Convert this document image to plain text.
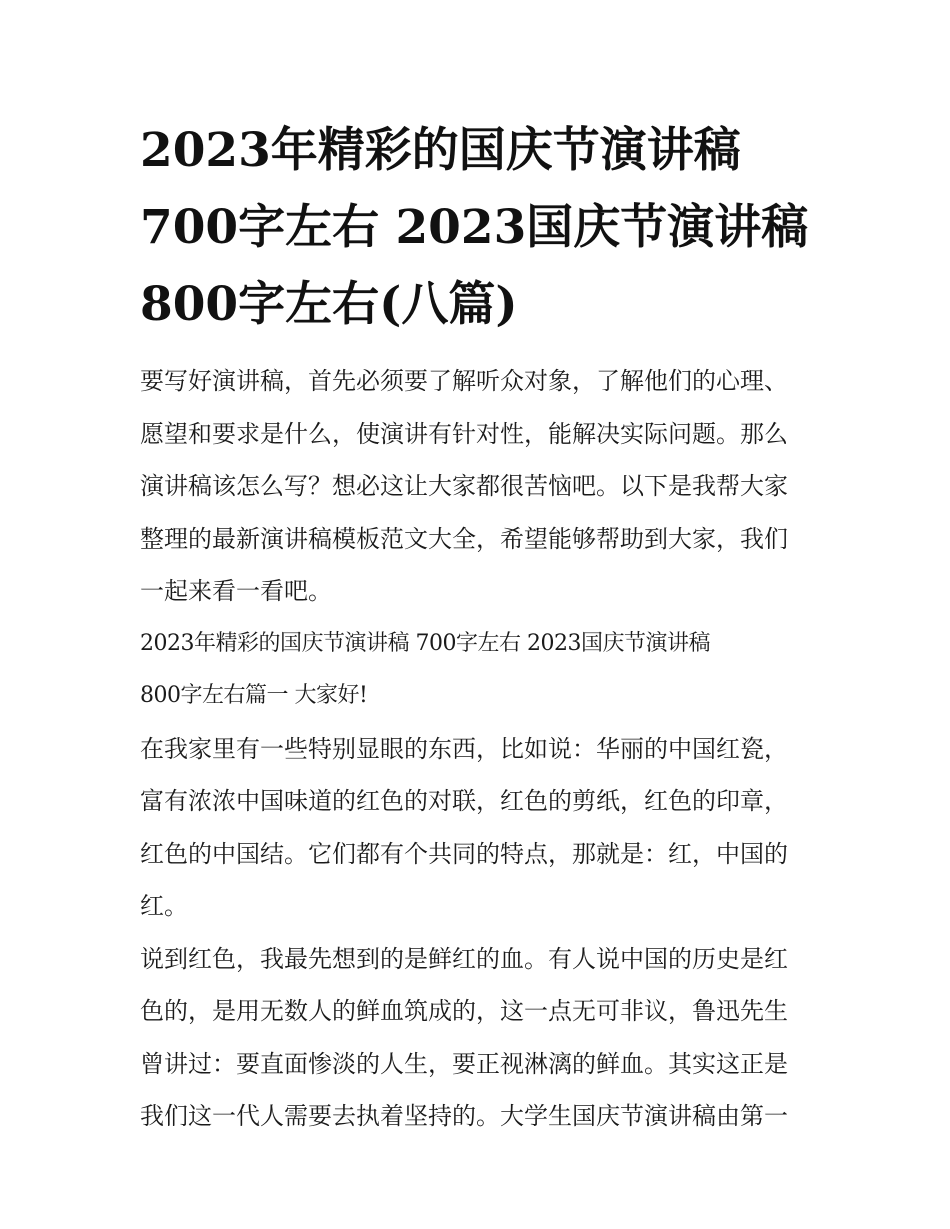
2023年精彩的国庆节演讲稿
700字左右 2023国庆节演讲稿
800字左右(八篇)
要写好演讲稿，首先必须要了解听众对象，了解他们的心理、
愿望和要求是什么，使演讲有针对性，能解决实际问题。那么
演讲稿该怎么写？想必这让大家都很苦恼吧。以下是我帮大家
整理的最新演讲稿模板范文大全，希望能够帮助到大家，我们
一起来看一看吧。
2023年精彩的国庆节演讲稿 700字左右 2023国庆节演讲稿
800字左右篇一 大家好!
在我家里有一些特别显眼的东西，比如说：华丽的中国红瓷，
富有浓浓中国味道的红色的对联，红色的剪纸，红色的印章，
红色的中国结。它们都有个共同的特点，那就是：红，中国的
红。
说到红色，我最先想到的是鲜红的血。有人说中国的历史是红
色的，是用无数人的鲜血筑成的，这一点无可非议，鲁迅先生
曾讲过：要直面惨淡的人生，要正视淋漓的鲜血。其实这正是
我们这一代人需要去执着坚持的。大学生国庆节演讲稿由第一
